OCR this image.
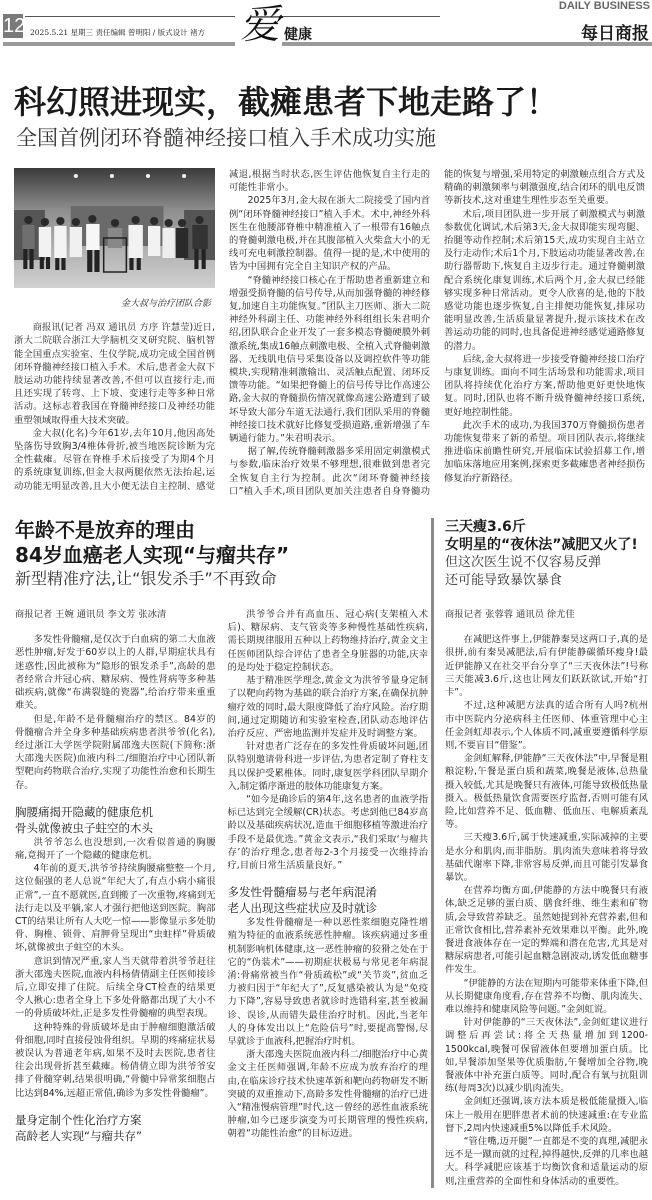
12 2025.5.21 星期三 责任编辑 曾明阳 / 版式设计 褚方 爱 健康
DAILY BUSINESS
每日商报
科幻照进现实，截瘫患者下地走路了！
全国首例闭环脊髓神经接口植入手术成功实施

金大叔与治疗团队合影

商报讯(记者 冯双 通讯员 方序 许慧莹)近日,浙大二院联合浙江大学脑机交叉研究院、脑机智能全国重点实验室、生仪学院,成功完成全国首例闭环脊髓神经接口植入手术。术后,患者金大叔下肢运动功能持续显著改善,不但可以直接行走,而且还实现了转弯、上下坡、变速行走等多种日常活动。这标志着我国在脊髓神经接口及神经功能重塑领域取得重大技术突破。

金大叔(化名)今年61岁,去年10月,他因高处坠落伤导致胸3/4椎体骨折,被当地医院诊断为完全性截瘫。尽管在脊椎手术后接受了为期4个月的系统康复训练,但金大叔两腿依然无法抬起,运动功能无明显改善,且大小便无法自主控制、感觉减退,根据当时状态,医生评估他恢复自主行走的可能性非常小。

2025年3月,金大叔在浙大二院接受了国内首例“闭环脊髓神经接口”植入手术。术中,神经外科医生在他腰部脊椎中精准植入了一根带有16触点的脊髓刺激电极,并在其腹部植入火柴盒大小的无线可充电刺激控制器。值得一提的是,术中使用的皆为中国拥有完全自主知识产权的产品。

“脊髓神经接口核心在于帮助患者重新建立和增强受损脊髓的信号传导,从而加强脊髓的神经修复,加速自主功能恢复。”团队主刀医师、浙大二院神经外科副主任、功能神经外科组组长朱君明介绍,团队联合企业开发了一套多模态脊髓硬膜外刺激系统,集成16触点刺激电极、全植入式脊髓刺激器、无线肌电信号采集设备以及调控软件等功能模块,实现精准刺激输出、灵活触点配置、闭环反馈等功能。“如果把脊髓上的信号传导比作高速公路,金大叔的脊髓损伤情况就像高速公路遭到了破坏导致大部分车道无法通行,我们团队采用的脊髓神经接口技术就好比修复受损道路,重新增强了车辆通行能力。”朱君明表示。

据了解,传统脊髓刺激器多采用固定刺激模式与参数,临床治疗效果不够理想,很难做到患者完全恢复自主行为控制。此次“闭环脊髓神经接口”植入手术,项目团队更加关注患者自身脊髓功能的恢复与增强,采用特定的刺激触点组合方式及精确的刺激频率与刺激强度,结合闭环的肌电反馈等新技术,这对重建生理性步态至关重要。

术后,项目团队进一步开展了刺激模式与刺激参数优化调试,术后第3天,金大叔即能实现弯腿、抬腿等动作控制;术后第15天,成功实现自主站立及行走动作;术后1个月,下肢运动功能显著改善,在助行器帮助下,恢复自主迈步行走。通过脊髓刺激配合系统化康复训练,术后两个月,金大叔已经能够实现多种日常活动。更令人欣喜的是,他的下肢感觉功能也逐步恢复,自主排便功能恢复,排尿功能明显改善,生活质量显著提升,提示该技术在改善运动功能的同时,也具备促进神经感觉通路修复的潜力。

后续,金大叔将进一步接受脊髓神经接口治疗与康复训练。面向不同生活场景和功能需求,项目团队将持续优化治疗方案,帮助他更好更快地恢复。同时,团队也将不断升级脊髓神经接口系统,更好地控制性能。

此次手术的成功,为我国370万脊髓损伤患者功能恢复带来了新的希望。项目团队表示,将继续推进临床前瞻性研究,开展临床试验招募工作,增加临床落地应用案例,探索更多截瘫患者神经损伤修复治疗新路径。

年龄不是放弃的理由
84岁血癌老人实现“与瘤共存”
新型精准疗法,让“银发杀手”不再致命

商报记者 王婉 通讯员 李文芳 张冰清

多发性骨髓瘤,是仅次于白血病的第二大血液恶性肿瘤,好发于60岁以上的人群,早期症状具有迷惑性,因此被称为“隐形的银发杀手”,高龄的患者经常合并冠心病、糖尿病、慢性肾病等多种基础疾病,就像“布满裂缝的瓷器”,给治疗带来重重难关。

但是,年龄不是骨髓瘤治疗的禁区。84岁的骨髓瘤合并全身多种基础疾病患者洪爷爷(化名),经过浙江大学医学院附属邵逸夫医院(下简称:浙大邵逸夫医院)血液内科二/细胞治疗中心团队新型靶向药物联合治疗,实现了功能性治愈和长期生存。

胸腰痛揭开隐藏的健康危机

骨头就像被虫子蛀空的木头

洪爷爷怎么也没想到,一次看似普通的胸腰痛,竟揭开了一个隐藏的健康危机。

4年前的夏天,洪爷爷持续胸腰痛整整一个月,这位倔强的老人总说“年纪大了,有点小病小痛很正常”,一直不愿就医,直到搬了一次重物,疼痛到无法行走以及平躺,家人才强行把他送到医院。胸部CT的结果让所有人大吃一惊——影像显示多处肋骨、胸椎、锁骨、肩胛骨呈现出“虫蛀样”骨质破坏,就像被虫子蛀空的木头。

意识到情况严重,家人当天就带着洪爷爷赶往浙大邵逸夫医院,血液内科杨倩倩副主任医师接诊后,立即安排了住院。后续全身CT检查的结果更令人揪心:患者全身上下多处骨骼都出现了大小不一的骨质破坏灶,正是多发性骨髓瘤的典型表现。

这种特殊的骨质破坏是由于肿瘤细胞激活破骨细胞,同时直接侵蚀骨组织。早期的疼痛症状易被误认为普通老年病,如果不及时去医院,患者往往会出现骨折甚至截瘫。杨倩倩立即为洪爷爷安排了骨髓穿刺,结果很明确,“骨髓中异常浆细胞占比达到84%,远超正常值,确诊为多发性骨髓瘤”。

量身定制个性化治疗方案

高龄老人实现“与瘤共存”

洪爷爷合并有高血压、冠心病(支架植入术后)、糖尿病、支气管炎等多种慢性基础性疾病,需长期规律服用五种以上药物维持治疗,黄金文主任医师团队综合评估了患者全身脏器的功能,庆幸的是均处于稳定控制状态。

基于精准医学理念,黄金文为洪爷爷量身定制了以靶向药物为基础的联合治疗方案,在确保抗肿瘤疗效的同时,最大限度降低了治疗风险。治疗期间,通过定期随访和实验室检查,团队动态地评估治疗反应、严密地监测并发症并及时调整方案。

针对患者广泛存在的多发性骨质破坏问题,团队特别邀请骨科进一步评估,为患者定制了脊柱支具以保护受累椎体。同时,康复医学科团队早期介入,制定循序渐进的肢体功能康复方案。

“如今是确诊后的第4年,这名患者的血液学指标已达到完全缓解(CR)状态。考虑到他已84岁高龄以及基础疾病状况,造血干细胞移植等激进治疗手段不是最优选。”黄金文表示,“我们采取‘与瘤共存’的治疗理念,患者每2-3个月接受一次维持治疗,目前日常生活质量良好。”

多发性骨髓瘤易与老年病混淆

老人出现这些症状应及时就诊

多发性骨髓瘤是一种以恶性浆细胞克隆性增殖为特征的血液系统恶性肿瘤。该疾病通过多重机制影响机体健康,这一恶性肿瘤的狡猾之处在于它的“伪装术”——初期症状极易与常见老年病混淆:骨痛常被当作“骨质疏松”或“关节炎”,贫血乏力被归因于“年纪大了”,反复感染被认为是“免疫力下降”,容易导致患者就诊时选错科室,甚至被漏诊、误诊,从而错失最佳治疗时机。因此,当老年人的身体发出以上“危险信号”时,要提高警惕,尽早就诊于血液科,把握治疗时机。

浙大邵逸夫医院血液内科二/细胞治疗中心黄金文主任医师强调,年龄不应成为放弃治疗的理由,在临床诊疗技术快速革新和靶向药物研发不断突破的双重推动下,高龄多发性骨髓瘤的治疗已进入“精准慢病管理”时代,这一曾经的恶性血液系统肿瘤,如今已逐步演变为可长期管理的慢性疾病,朝着“功能性治愈”的目标迈进。

三天瘦3.6斤
女明星的“夜休法”减肥又火了!
但这次医生说不仅容易反弹
还可能导致暴饮暴食

商报记者 张蓉蓉 通讯员 徐尤佳

在减肥这件事上,伊能静秦昊这两口子,真的是很拼,前有秦昊减肥法,后有伊能静碳循环瘦身!最近伊能静又在社交平台分享了“三天夜休法”!号称三天能减3.6斤,这也让网友们跃跃欲试,开始“打卡”。

不过,这种减肥方法真的适合所有人吗?杭州市中医院内分泌病科主任医师、体重管理中心主任金剑虹却表示,个人体质不同,减重要遵循科学原则,不要盲目“借鉴”。

金剑虹解释,伊能静“三天夜休法”中,早餐是粗粮淀粉,午餐是蛋白质和蔬菜,晚餐是液体,总热量摄入较低,尤其是晚餐只有液体,可能导致极低热量摄入。极低热量饮食需要医疗监督,否则可能有风险,比如营养不足、低血糖、低血压、电解质紊乱等。

三天瘦3.6斤,属于快速减重,实际减掉的主要是水分和肌肉,而非脂肪。肌肉流失意味着将导致基础代谢率下降,非常容易反弹,而且可能引发暴食暴饮。

在营养均衡方面,伊能静的方法中晚餐只有液体,缺乏足够的蛋白质、膳食纤维、维生素和矿物质,会导致营养缺乏。虽然她提到补充营养素,但和正常饮食相比,营养素补充效果难以平衡。此外,晚餐进食液体存在一定的弊端和潜在危害,尤其是对糖尿病患者,可能引起血糖急剧波动,诱发低血糖事件发生。

“伊能静的方法在短期内可能带来体重下降,但从长期健康角度看,存在营养不均衡、肌肉流失、难以维持和健康风险等问题。”金剑虹说。

针对伊能静的“三天夜休法”,金剑虹建议进行调整后再尝试:将全天热量增加到1200-1500kcal,晚餐可保留液体但要增加蛋白质。比如,早餐添加坚果等优质脂肪,午餐增加全谷物,晚餐液体中补充蛋白质等。同时,配合有氧与抗阻训练(每周3次)以减少肌肉流失。

金剑虹还强调,该方法本质是极低能量摄入,临床上一般用在肥胖患者术前的快速减重:在专业监督下,2周内快速减重5%以降低手术风险。

“管住嘴,迈开腿”一直都是不变的真理,减肥永远不是一蹴而就的过程,掉得越快,反弹的几率也越大。科学减肥应该基于均衡饮食和适量运动的原则,注重营养的全面性和身体活动的重要性。
